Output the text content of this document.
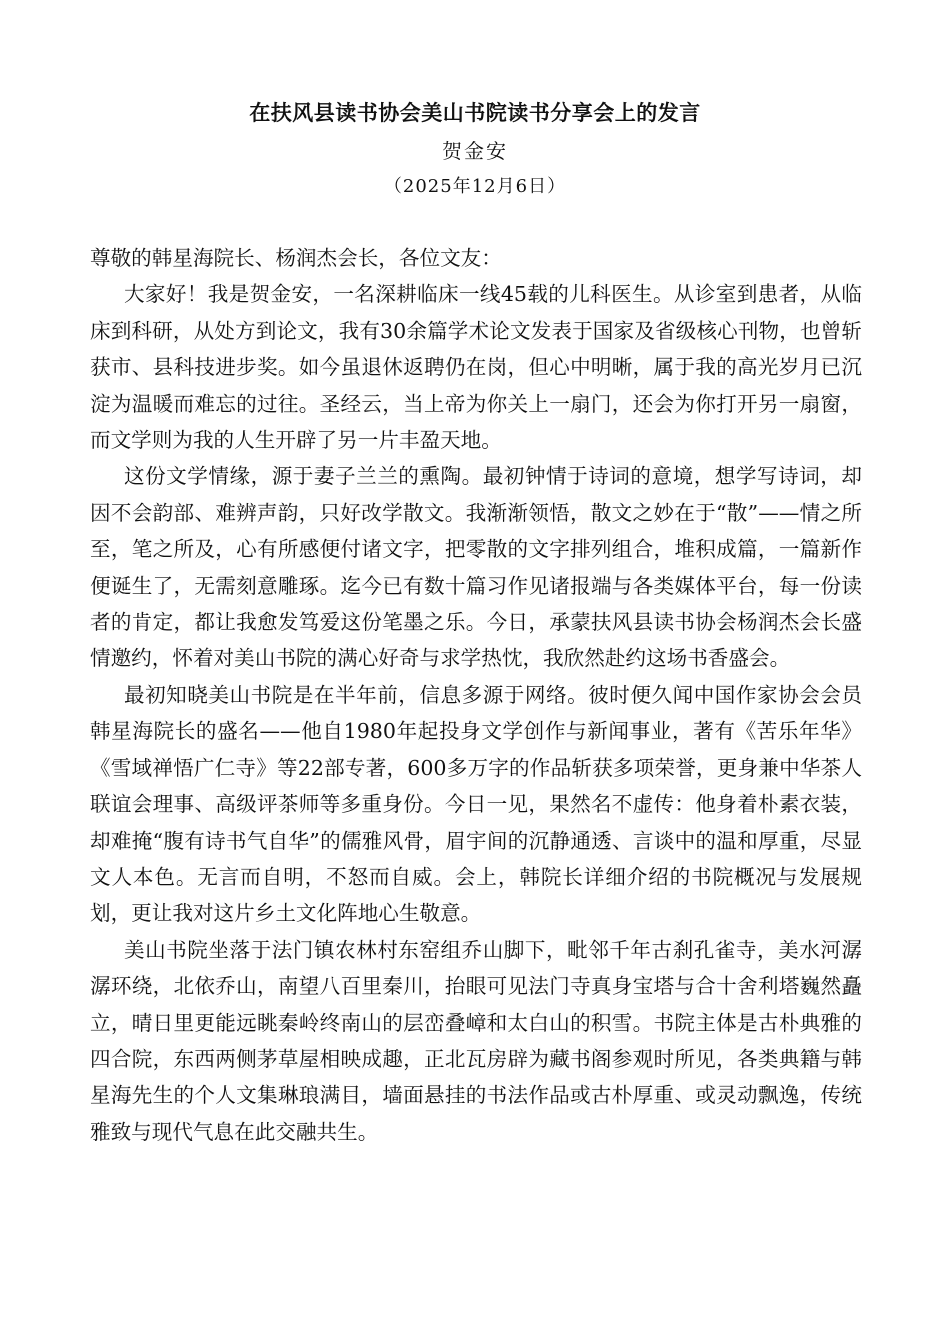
在扶风县读书协会美山书院读书分享会上的发言
贺金安
（2025年12月6日）

尊敬的韩星海院长、杨润杰会长，各位文友：

大家好！我是贺金安，一名深耕临床一线45载的儿科医生。从诊室到患者，从临床到科研，从处方到论文，我有30余篇学术论文发表于国家及省级核心刊物，也曾斩获市、县科技进步奖。如今虽退休返聘仍在岗，但心中明晰，属于我的高光岁月已沉淀为温暖而难忘的过往。圣经云，当上帝为你关上一扇门，还会为你打开另一扇窗，而文学则为我的人生开辟了另一片丰盈天地。

这份文学情缘，源于妻子兰兰的熏陶。最初钟情于诗词的意境，想学写诗词，却因不会韵部、难辨声韵，只好改学散文。我渐渐领悟，散文之妙在于“散”——情之所至，笔之所及，心有所感便付诸文字，把零散的文字排列组合，堆积成篇，一篇新作便诞生了，无需刻意雕琢。迄今已有数十篇习作见诸报端与各类媒体平台，每一份读者的肯定，都让我愈发笃爱这份笔墨之乐。今日，承蒙扶风县读书协会杨润杰会长盛情邀约，怀着对美山书院的满心好奇与求学热忱，我欣然赴约这场书香盛会。

最初知晓美山书院是在半年前，信息多源于网络。彼时便久闻中国作家协会会员韩星海院长的盛名——他自1980年起投身文学创作与新闻事业，著有《苦乐年华》《雪域禅悟广仁寺》等22部专著，600多万字的作品斩获多项荣誉，更身兼中华茶人联谊会理事、高级评茶师等多重身份。今日一见，果然名不虚传：他身着朴素衣装，却难掩“腹有诗书气自华”的儒雅风骨，眉宇间的沉静通透、言谈中的温和厚重，尽显文人本色。无言而自明，不怒而自威。会上，韩院长详细介绍的书院概况与发展规划，更让我对这片乡土文化阵地心生敬意。

美山书院坐落于法门镇农林村东窑组乔山脚下，毗邻千年古刹孔雀寺，美水河潺潺环绕，北依乔山，南望八百里秦川，抬眼可见法门寺真身宝塔与合十舍利塔巍然矗立，晴日里更能远眺秦岭终南山的层峦叠嶂和太白山的积雪。书院主体是古朴典雅的四合院，东西两侧茅草屋相映成趣，正北瓦房辟为藏书阁参观时所见，各类典籍与韩星海先生的个人文集琳琅满目，墙面悬挂的书法作品或古朴厚重、或灵动飘逸，传统雅致与现代气息在此交融共生。
